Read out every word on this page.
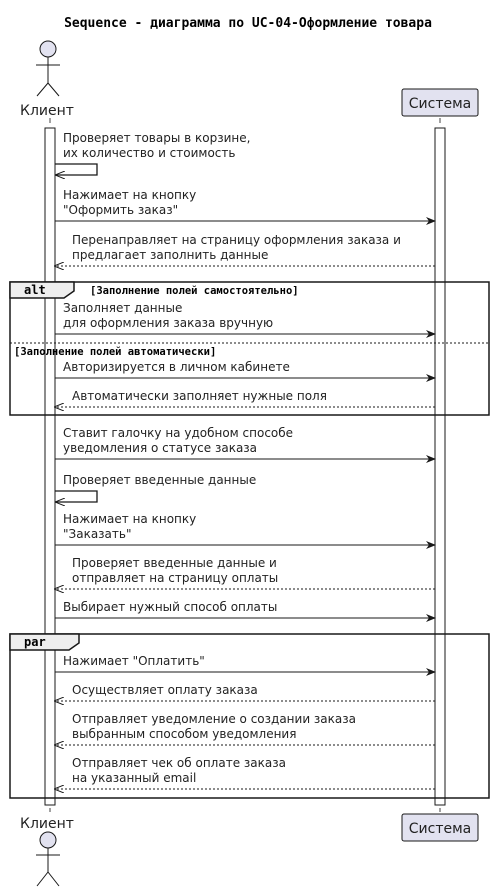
Sequence - диаграмма по UC-04-Оформление товара
Клиент	Система
Клиент	Система
alt	[Заполнение полей самостоятельно]
[Заполнение полей автоматически]
par
Проверяет товары в корзине,
их количество и стоимость
Нажимает на кнопку
"Оформить заказ"
Перенаправляет на страницу оформления заказа и
предлагает заполнить данные
Заполняет данные
для оформления заказа вручную
Авторизируется в личном кабинете
Автоматически заполняет нужные поля
Ставит галочку на удобном способе
уведомления о статусе заказа
Проверяет введенные данные
Нажимает на кнопку
"Заказать"
Проверяет введенные данные и
отправляет на страницу оплаты
Выбирает нужный способ оплаты
Нажимает "Оплатить"
Осуществляет оплату заказа
Отправляет уведомление о создании заказа
выбранным способом уведомления
Отправляет чек об оплате заказа
на указанный email
